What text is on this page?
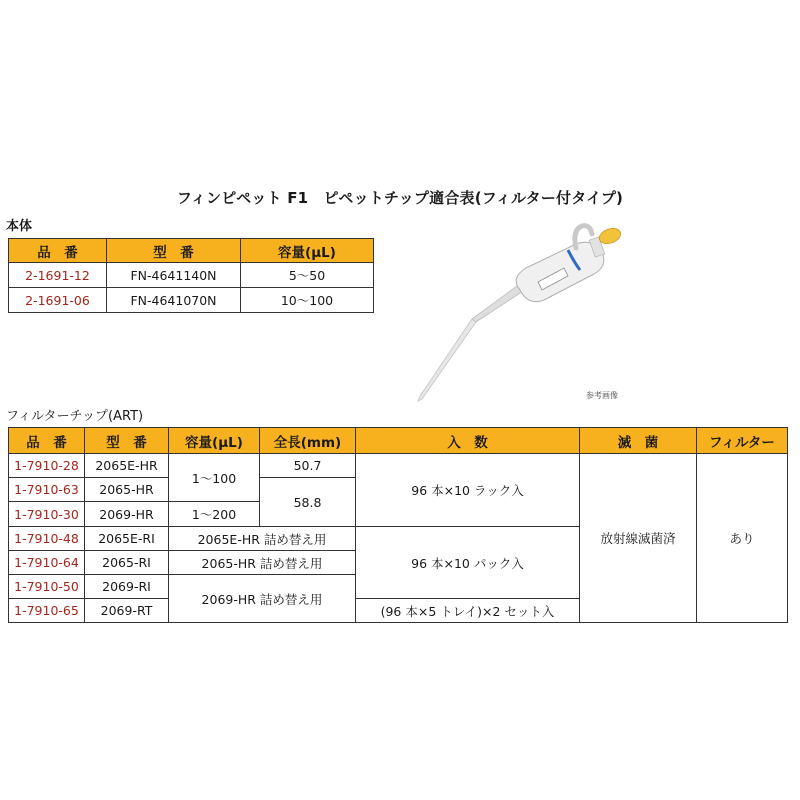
フィンピペット F1　ピペットチップ適合表(フィルター付タイプ)
本体
品　番	型　番	容量(μL)
2-1691-12	FN-4641140N	5〜50
2-1691-06	FN-4641070N	10〜100
参考画像
フィルターチップ(ART)
品　番	型　番	容量(μL)	全長(mm)	入　数	滅　菌	フィルター
1-7910-28	2065E-HR	1〜100	50.7	96 本×10 ラック入	放射線滅菌済	あり
1-7910-63	2065-HR		58.8			
1-7910-30	2069-HR	1〜200				
1-7910-48	2065E-RI	2065E-HR 詰め替え用		96 本×10 パック入		
1-7910-64	2065-RI	2065-HR 詰め替え用				
1-7910-50	2069-RI	2069-HR 詰め替え用				
1-7910-65	2069-RT			(96 本×5 トレイ)×2 セット入		
